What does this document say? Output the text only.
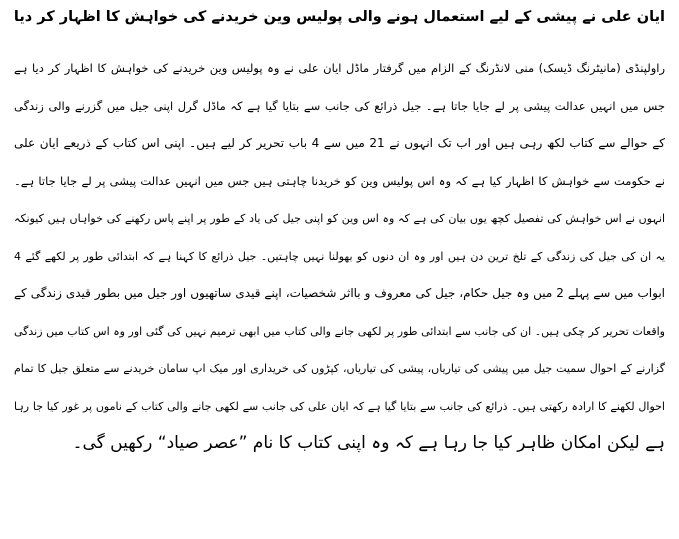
ایان علی نے پیشی کے لیے استعمال ہونے والی پولیس وین خریدنے کی خواہش کا اظہار کر دیا
راولپنڈی (مانیٹرنگ ڈیسک) منی لانڈرنگ کے الزام میں گرفتار ماڈل ایان علی نے وہ پولیس وین خریدنے کی خواہش کا اظہار کر دیا ہے
جس میں انہیں عدالت پیشی پر لے جایا جاتا ہے۔ جیل ذرائع کی جانب سے بتایا گیا ہے کہ ماڈل گرل اپنی جیل میں گزرنے والی زندگی
کے حوالے سے کتاب لکھ رہی ہیں اور اب تک انہوں نے 21 میں سے 4 باب تحریر کر لیے ہیں۔ اپنی اس کتاب کے ذریعے ایان علی
نے حکومت سے خواہش کا اظہار کیا ہے کہ وہ اس پولیس وین کو خریدنا چاہتی ہیں جس میں انہیں عدالت پیشی پر لے جایا جاتا ہے۔
انہوں نے اس خواہش کی تفصیل کچھ یوں بیان کی ہے کہ وہ اس وین کو اپنی جیل کی یاد کے طور پر اپنے پاس رکھنے کی خواہاں ہیں کیونکہ
یہ ان کی جیل کی زندگی کے تلخ ترین دن ہیں اور وہ ان دنوں کو بھولنا نہیں چاہتیں۔ جیل ذرائع کا کہنا ہے کہ ابتدائی طور پر لکھے گئے 4
ابواب میں سے پہلے 2 میں وہ جیل حکام، جیل کی معروف و بااثر شخصیات، اپنے قیدی ساتھیوں اور جیل میں بطور قیدی زندگی کے
واقعات تحریر کر چکی ہیں۔ ان کی جانب سے ابتدائی طور پر لکھی جانے والی کتاب میں ابھی ترمیم نہیں کی گئی اور وہ اس کتاب میں زندگی
گزارنے کے احوال سمیت جیل میں پیشی کی تیاریاں، پیشی کی تیاریاں، کپڑوں کی خریداری اور میک اپ سامان خریدنے سے متعلق جیل کا تمام
احوال لکھنے کا ارادہ رکھتی ہیں۔ ذرائع کی جانب سے بتایا گیا ہے کہ ایان علی کی جانب سے لکھی جانے والی کتاب کے ناموں پر غور کیا جا رہا
ہے لیکن امکان ظاہر کیا جا رہا ہے کہ وہ اپنی کتاب کا نام ”عصر صیاد“ رکھیں گی۔
